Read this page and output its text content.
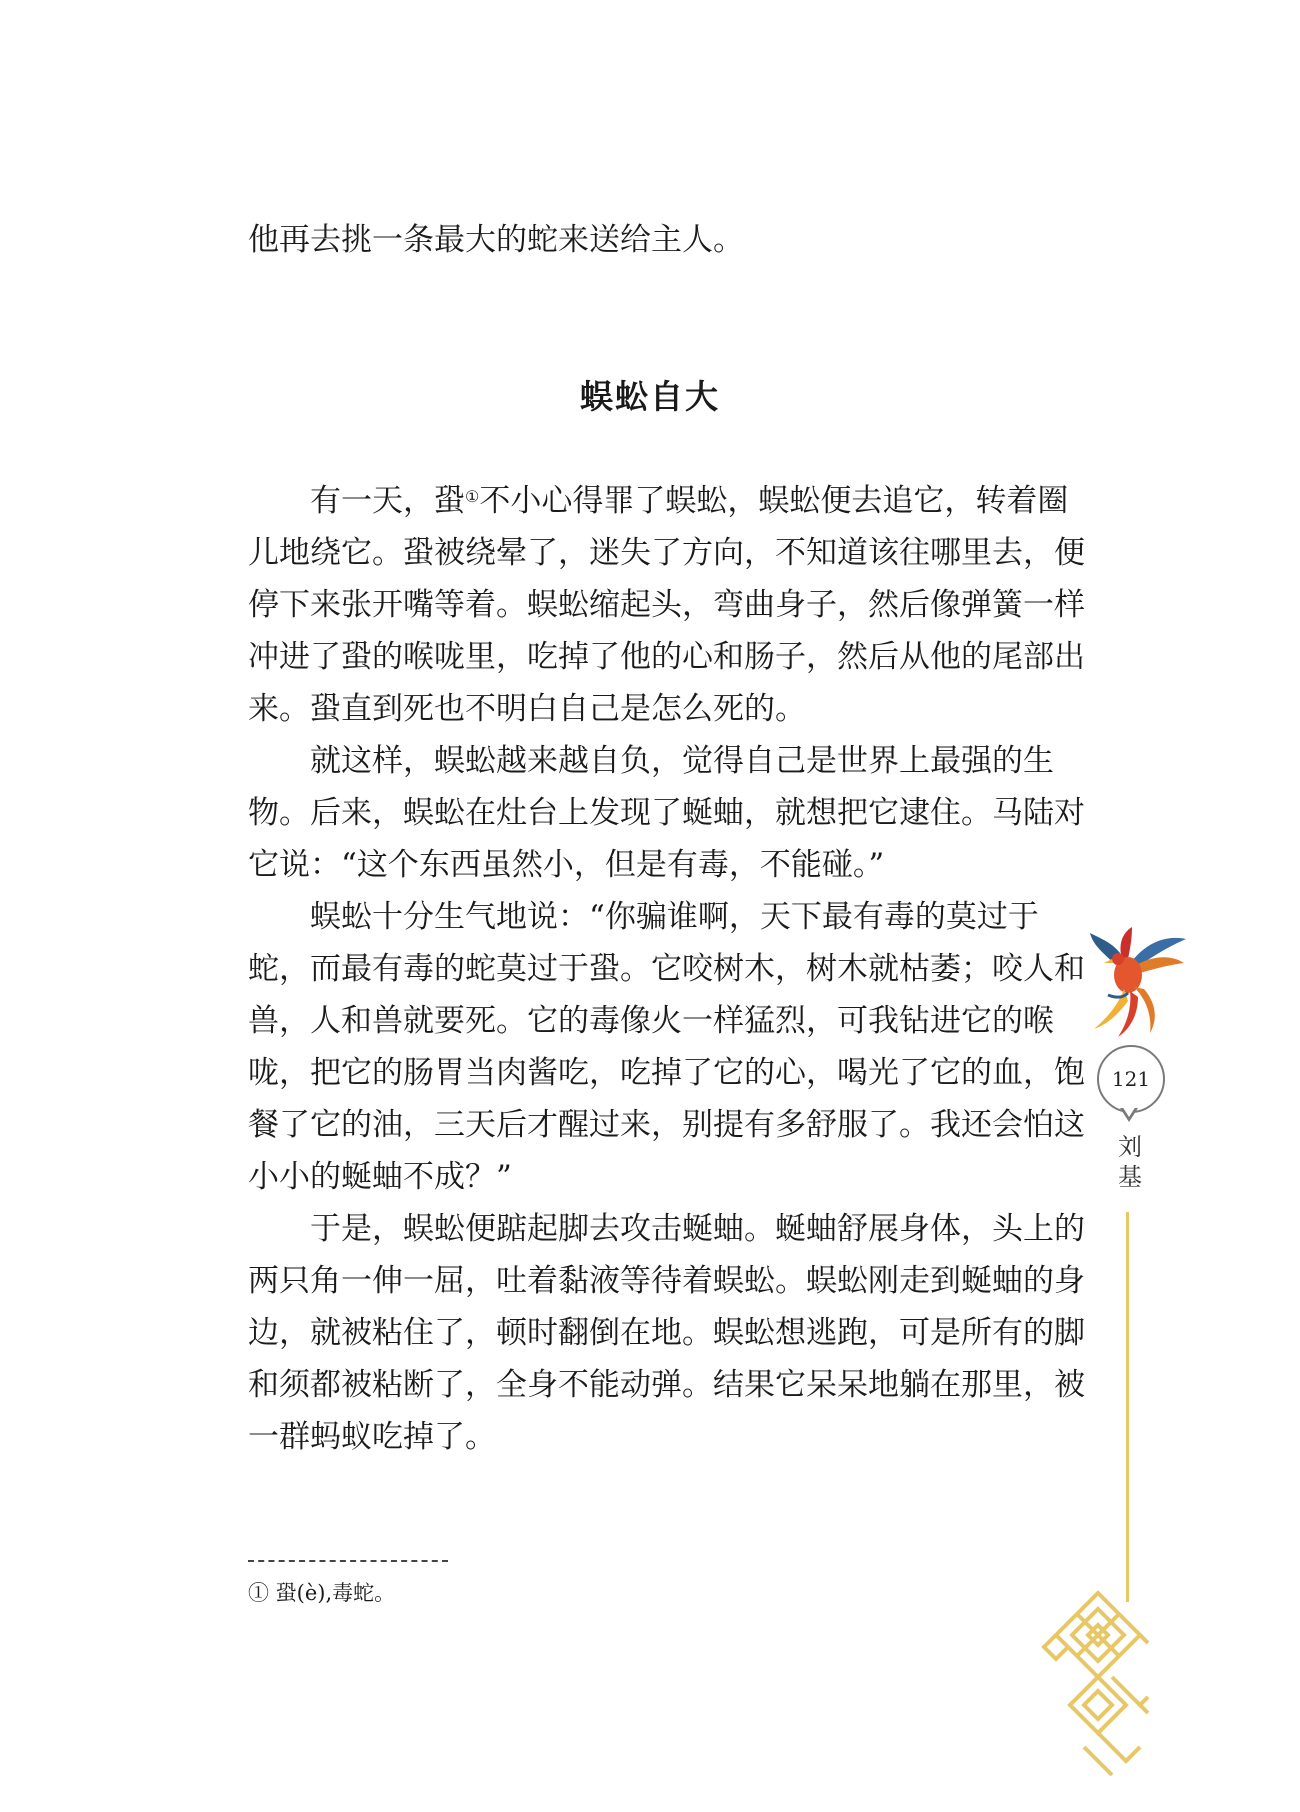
他再去挑一条最大的蛇来送给主人。
蜈蚣自大

有一天，蛩①不小心得罪了蜈蚣，蜈蚣便去追它，转着圈
儿地绕它。蛩被绕晕了，迷失了方向，不知道该往哪里去，便
停下来张开嘴等着。蜈蚣缩起头，弯曲身子，然后像弹簧一样
冲进了蛩的喉咙里，吃掉了他的心和肠子，然后从他的尾部出
来。蛩直到死也不明白自己是怎么死的。

就这样，蜈蚣越来越自负，觉得自己是世界上最强的生
物。后来，蜈蚣在灶台上发现了蜒蚰，就想把它逮住。马陆对
它说：“这个东西虽然小，但是有毒，不能碰。”

蜈蚣十分生气地说：“你骗谁啊，天下最有毒的莫过于
蛇，而最有毒的蛇莫过于蛩。它咬树木，树木就枯萎；咬人和
兽，人和兽就要死。它的毒像火一样猛烈，可我钻进它的喉
咙，把它的肠胃当肉酱吃，吃掉了它的心，喝光了它的血，饱
餐了它的油，三天后才醒过来，别提有多舒服了。我还会怕这
小小的蜒蚰不成？”

于是，蜈蚣便踮起脚去攻击蜒蚰。蜒蚰舒展身体，头上的
两只角一伸一屈，吐着黏液等待着蜈蚣。蜈蚣刚走到蜒蚰的身
边，就被粘住了，顿时翻倒在地。蜈蚣想逃跑，可是所有的脚
和须都被粘断了，全身不能动弹。结果它呆呆地躺在那里，被
一群蚂蚁吃掉了。

① 蛩(è),毒蛇。
121
刘
基
